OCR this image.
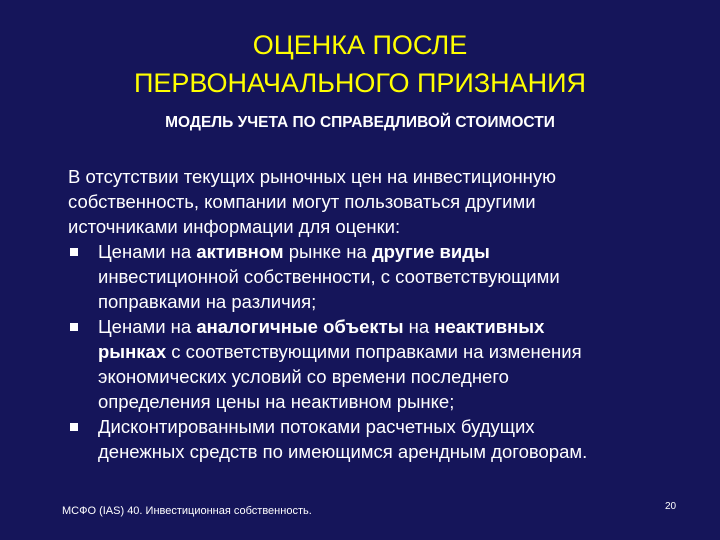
ОЦЕНКА ПОСЛЕ
ПЕРВОНАЧАЛЬНОГО ПРИЗНАНИЯ
МОДЕЛЬ УЧЕТА ПО СПРАВЕДЛИВОЙ СТОИМОСТИ

В отсутствии текущих рыночных цен на инвестиционную
собственность, компании могут пользоваться другими
источниками информации для оценки:

Ценами на активном рынке на другие виды
инвестиционной собственности, с соответствующими
поправками на различия;
Ценами на аналогичные объекты на неактивных
рынках с соответствующими поправками на изменения
экономических условий со времени последнего
определения цены на неактивном рынке;
Дисконтированными потоками расчетных будущих
денежных средств по имеющимся арендным договорам.
МСФО (IAS) 40. Инвестиционная собственность.	20
